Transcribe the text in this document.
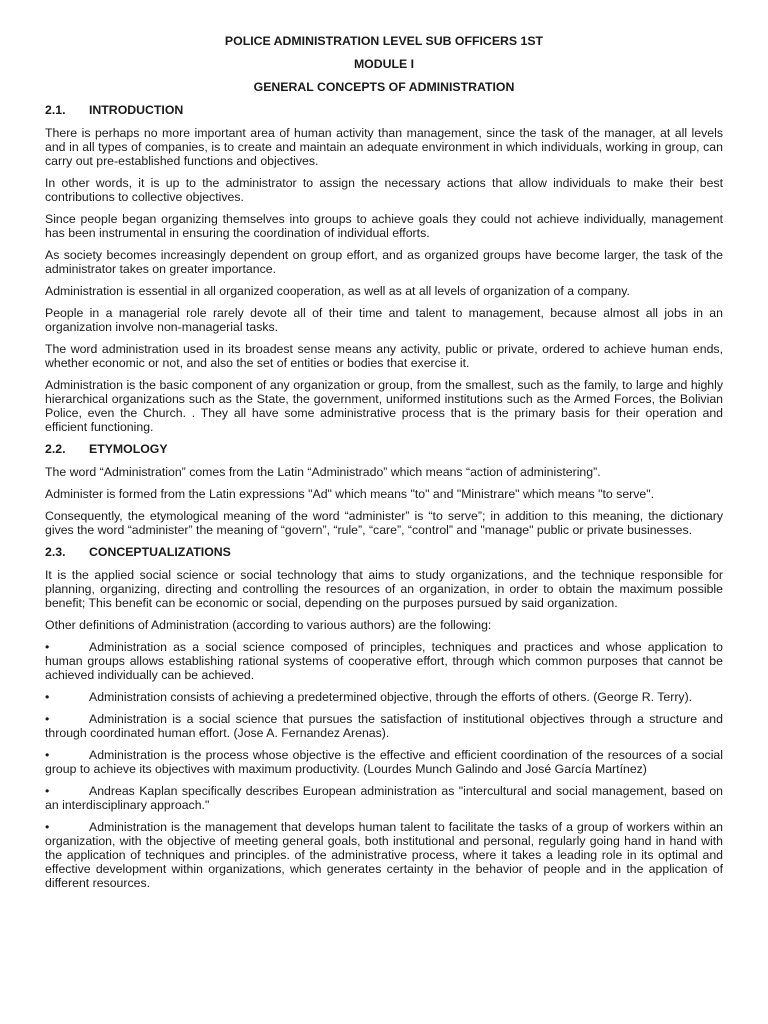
POLICE ADMINISTRATION LEVEL SUB OFFICERS 1ST
MODULE I
GENERAL CONCEPTS OF ADMINISTRATION
2.1.	INTRODUCTION

There is perhaps no more important area of human activity than management, since the task of the manager, at all levels and in all types of companies, is to create and maintain an adequate environment in which individuals, working in group, can carry out pre-established functions and objectives.

In other words, it is up to the administrator to assign the necessary actions that allow individuals to make their best contributions to collective objectives.

Since people began organizing themselves into groups to achieve goals they could not achieve individually, management has been instrumental in ensuring the coordination of individual efforts.

As society becomes increasingly dependent on group effort, and as organized groups have become larger, the task of the administrator takes on greater importance.

Administration is essential in all organized cooperation, as well as at all levels of organization of a company.

People in a managerial role rarely devote all of their time and talent to management, because almost all jobs in an organization involve non-managerial tasks.

The word administration used in its broadest sense means any activity, public or private, ordered to achieve human ends, whether economic or not, and also the set of entities or bodies that exercise it.

Administration is the basic component of any organization or group, from the smallest, such as the family, to large and highly hierarchical organizations such as the State, the government, uniformed institutions such as the Armed Forces, the Bolivian Police, even the Church. . They all have some administrative process that is the primary basis for their operation and efficient functioning.

2.2.	ETYMOLOGY

The word “Administration” comes from the Latin “Administrado” which means “action of administering”.

Administer is formed from the Latin expressions "Ad" which means "to" and "Ministrare" which means "to serve".

Consequently, the etymological meaning of the word “administer” is “to serve”; in addition to this meaning, the dictionary gives the word “administer” the meaning of “govern”, “rule”, “care”, “control” and "manage" public or private businesses.

2.3.	CONCEPTUALIZATIONS

It is the applied social science or social technology that aims to study organizations, and the technique responsible for planning, organizing, directing and controlling the resources of an organization, in order to obtain the maximum possible benefit; This benefit can be economic or social, depending on the purposes pursued by said organization.

Other definitions of Administration (according to various authors) are the following:

•	Administration as a social science composed of principles, techniques and practices and whose application to human groups allows establishing rational systems of cooperative effort, through which common purposes that cannot be achieved individually can be achieved.

•	Administration consists of achieving a predetermined objective, through the efforts of others. (George R. Terry).

•	Administration is a social science that pursues the satisfaction of institutional objectives through a structure and through coordinated human effort. (Jose A. Fernandez Arenas).

•	Administration is the process whose objective is the effective and efficient coordination of the resources of a social group to achieve its objectives with maximum productivity. (Lourdes Munch Galindo and José García Martínez)

•	Andreas Kaplan specifically describes European administration as "intercultural and social management, based on an interdisciplinary approach."

•	Administration is the management that develops human talent to facilitate the tasks of a group of workers within an organization, with the objective of meeting general goals, both institutional and personal, regularly going hand in hand with the application of techniques and principles. of the administrative process, where it takes a leading role in its optimal and effective development within organizations, which generates certainty in the behavior of people and in the application of different resources.
